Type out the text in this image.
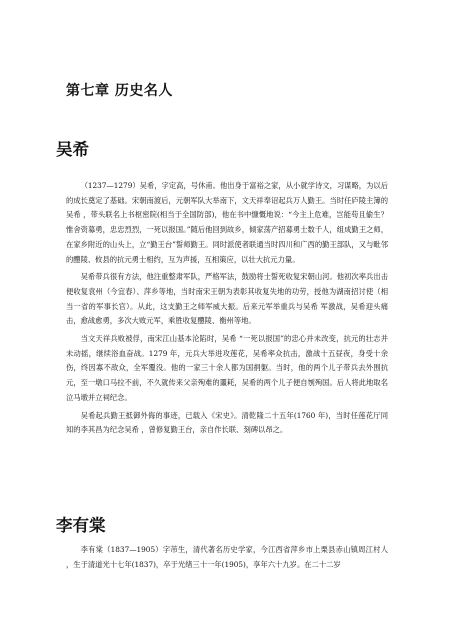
第七章 历史名人
吴希

（1237—1279）吴希，字定高，号休甫。他出身于富裕之家，从小就学诗文，习谋略，为以后的成长奠定了基础。宋朝南渡后，元朝军队大举南下，文天祥奉诏起兵万人勤王。当时任庐陵主簿的吴希 ，带头联名上书枢密院(相当于全国防部)，他在书中慷慨地说：“今主上危难，岂能苟且偷生？惟舍资募勇，忠忠烈烈，一死以报国。”随后他回到故乡，倾家荡产招募勇士数千人，组成勤王之师，在家乡附近的山头上，立“勤王台”誓师勤王。同时派使者联通当时四川和广西的勤王部队，又与毗邻的醴陵、攸县的抗元勇士相约，互为声援，互相策应，以壮大抗元力量。

吴希带兵很有方法，他注重整肃军队，严格军法，鼓励将士誓死收复宋朝山河。他初次率兵出击便收复袁州（今宜春）、萍乡等地，当时南宋王朝为表彰其收复失地的功劳，授他为湖南招讨使（相当一省的军事长官）。从此，这支勤王之师军威大振。后来元军举重兵与吴希 军激战，吴希迎头痛击，愈战愈勇，多次大败元军，乘胜收复醴陵、衡州等地。

当文天祥兵败被俘，南宋江山基本沦陷时，吴希 “一死以报国”的忠心并未改变，抗元的壮志并未动摇，继续浴血奋战。1279 年，元兵大举进攻莲花，吴希率众抗击，激战十五昼夜，身受十余伤，终因寡不敌众，全军覆没。他的一家三十余人都为国捐躯。当时，他的两个儿子带兵去外围抗元，至一墩口马拉不前，不久就传来父亲殉难的噩耗，吴希的两个儿子便自刎殉国。后人将此地取名泣马墩并立祠纪念。

吴希起兵勤王抵御外侮的事迹，已载入《宋史》。清乾隆二十五年(1760 年)，当时任莲花厅同知的李其昌为纪念吴希 ，曾修复勤王台，亲自作长联、刻碑以昂之。

李有棠

李有棠（1837—1905）字芾生，清代著名历史学家，今江西省萍乡市上栗县赤山镇周江村人 ，生于清道光十七年(1837)，卒于光绪三十一年(1905)，享年六十九岁。在二十二岁
